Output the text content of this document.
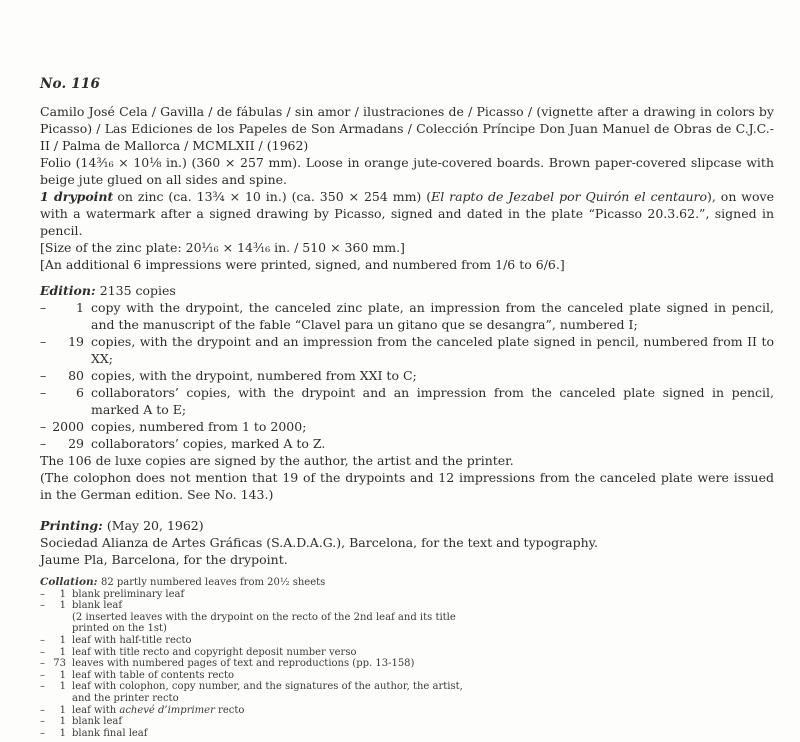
No. 116

Camilo José Cela / Gavilla / de fábulas / sin amor / ilustraciones de / Picasso / (vignette after a drawing in colors by Picasso) / Las Ediciones de los Papeles de Son Armadans / Colección Príncipe Don Juan Manuel de Obras de C.J.C.-II / Palma de Mallorca / MCMLXII / (1962)

Folio (14³⁄₁₆ × 10¹⁄₈ in.) (360 × 257 mm). Loose in orange jute-covered boards. Brown paper-covered slipcase with beige jute glued on all sides and spine.

1 drypoint on zinc (ca. 13³⁄₄ × 10 in.) (ca. 350 × 254 mm) (El rapto de Jezabel por Quirón el centauro), on wove with a watermark after a signed drawing by Picasso, signed and dated in the plate “Picasso 20.3.62.”, signed in pencil.

[Size of the zinc plate: 20¹⁄₁₆ × 14³⁄₁₆ in. / 510 × 360 mm.]

[An additional 6 impressions were printed, signed, and numbered from 1/6 to 6/6.]

Edition: 2135 copies

–	1 copy with the drypoint, the canceled zinc plate, an impression from the canceled plate signed in pencil, and the manuscript of the fable “Clavel para un gitano que se desangra”, numbered I;
–	19 copies, with the drypoint and an impression from the canceled plate signed in pencil, numbered from II to XX;
–	80 copies, with the drypoint, numbered from XXI to C;
–	6 collaborators’ copies, with the drypoint and an impression from the canceled plate signed in pencil, marked A to E;
– 2000 copies, numbered from 1 to 2000;
–	29 collaborators’ copies, marked A to Z.

The 106 de luxe copies are signed by the author, the artist and the printer.

(The colophon does not mention that 19 of the drypoints and 12 impressions from the canceled plate were issued in the German edition. See No. 143.)

Printing: (May 20, 1962)

Sociedad Alianza de Artes Gráficas (S.A.D.A.G.), Barcelona, for the text and typography.

Jaume Pla, Barcelona, for the drypoint.

Collation: 82 partly numbered leaves from 20¹⁄₂ sheets

–	1 blank preliminary leaf
–	1 blank leaf
(2 inserted leaves with the drypoint on the recto of the 2nd leaf and its title printed on the 1st)
–	1 leaf with half-title recto
–	1 leaf with title recto and copyright deposit number verso
– 73 leaves with numbered pages of text and reproductions (pp. 13-158)
–	1 leaf with table of contents recto
–	1 leaf with colophon, copy number, and the signatures of the author, the artist, and the printer recto
–	1 leaf with achevé d’imprimer recto
–	1 blank leaf
–	1 blank final leaf
